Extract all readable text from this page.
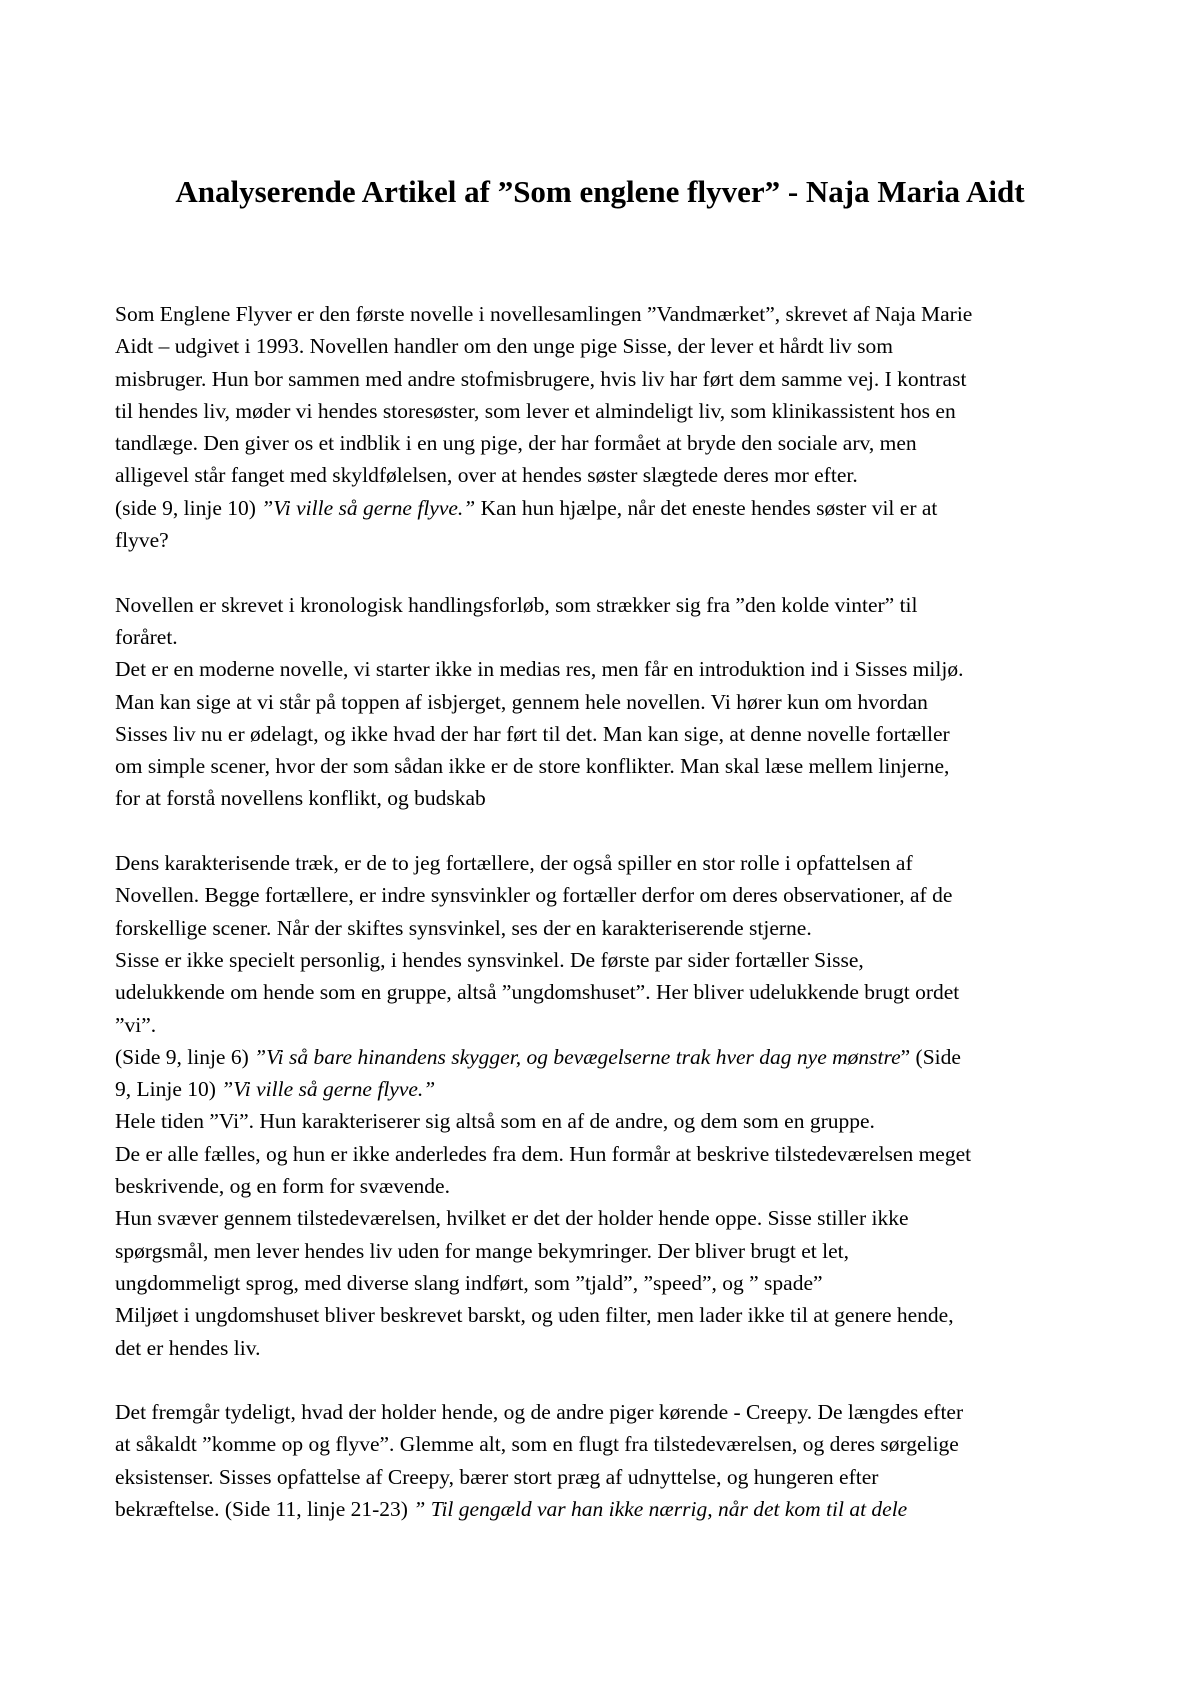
Analyserende Artikel af ”Som englene flyver” - Naja Maria Aidt

Som Englene Flyver er den første novelle i novellesamlingen ”Vandmærket”, skrevet af Naja Marie

Aidt – udgivet i 1993. Novellen handler om den unge pige Sisse, der lever et hårdt liv som

misbruger. Hun bor sammen med andre stofmisbrugere, hvis liv har ført dem samme vej. I kontrast

til hendes liv, møder vi hendes storesøster, som lever et almindeligt liv, som klinikassistent hos en

tandlæge. Den giver os et indblik i en ung pige, der har formået at bryde den sociale arv, men

alligevel står fanget med skyldfølelsen, over at hendes søster slægtede deres mor efter.

(side 9, linje 10) ”Vi ville så gerne flyve.” Kan hun hjælpe, når det eneste hendes søster vil er at

flyve?

Novellen er skrevet i kronologisk handlingsforløb, som strækker sig fra ”den kolde vinter” til

foråret.

Det er en moderne novelle, vi starter ikke in medias res, men får en introduktion ind i Sisses miljø.

Man kan sige at vi står på toppen af isbjerget, gennem hele novellen. Vi hører kun om hvordan

Sisses liv nu er ødelagt, og ikke hvad der har ført til det. Man kan sige, at denne novelle fortæller

om simple scener, hvor der som sådan ikke er de store konflikter. Man skal læse mellem linjerne,

for at forstå novellens konflikt, og budskab

Dens karakterisende træk, er de to jeg fortællere, der også spiller en stor rolle i opfattelsen af

Novellen. Begge fortællere, er indre synsvinkler og fortæller derfor om deres observationer, af de

forskellige scener. Når der skiftes synsvinkel, ses der en karakteriserende stjerne.

Sisse er ikke specielt personlig, i hendes synsvinkel. De første par sider fortæller Sisse,

udelukkende om hende som en gruppe, altså ”ungdomshuset”. Her bliver udelukkende brugt ordet

”vi”.

(Side 9, linje 6) ”Vi så bare hinandens skygger, og bevægelserne trak hver dag nye mønstre” (Side

9, Linje 10) ”Vi ville så gerne flyve.”

Hele tiden ”Vi”. Hun karakteriserer sig altså som en af de andre, og dem som en gruppe.

De er alle fælles, og hun er ikke anderledes fra dem. Hun formår at beskrive tilstedeværelsen meget

beskrivende, og en form for svævende.

Hun svæver gennem tilstedeværelsen, hvilket er det der holder hende oppe. Sisse stiller ikke

spørgsmål, men lever hendes liv uden for mange bekymringer. Der bliver brugt et let,

ungdommeligt sprog, med diverse slang indført, som ”tjald”, ”speed”, og ” spade”

Miljøet i ungdomshuset bliver beskrevet barskt, og uden filter, men lader ikke til at genere hende,

det er hendes liv.

Det fremgår tydeligt, hvad der holder hende, og de andre piger kørende - Creepy. De længdes efter

at såkaldt ”komme op og flyve”. Glemme alt, som en flugt fra tilstedeværelsen, og deres sørgelige

eksistenser. Sisses opfattelse af Creepy, bærer stort præg af udnyttelse, og hungeren efter

bekræftelse. (Side 11, linje 21-23) ” Til gengæld var han ikke nærrig, når det kom til at dele
